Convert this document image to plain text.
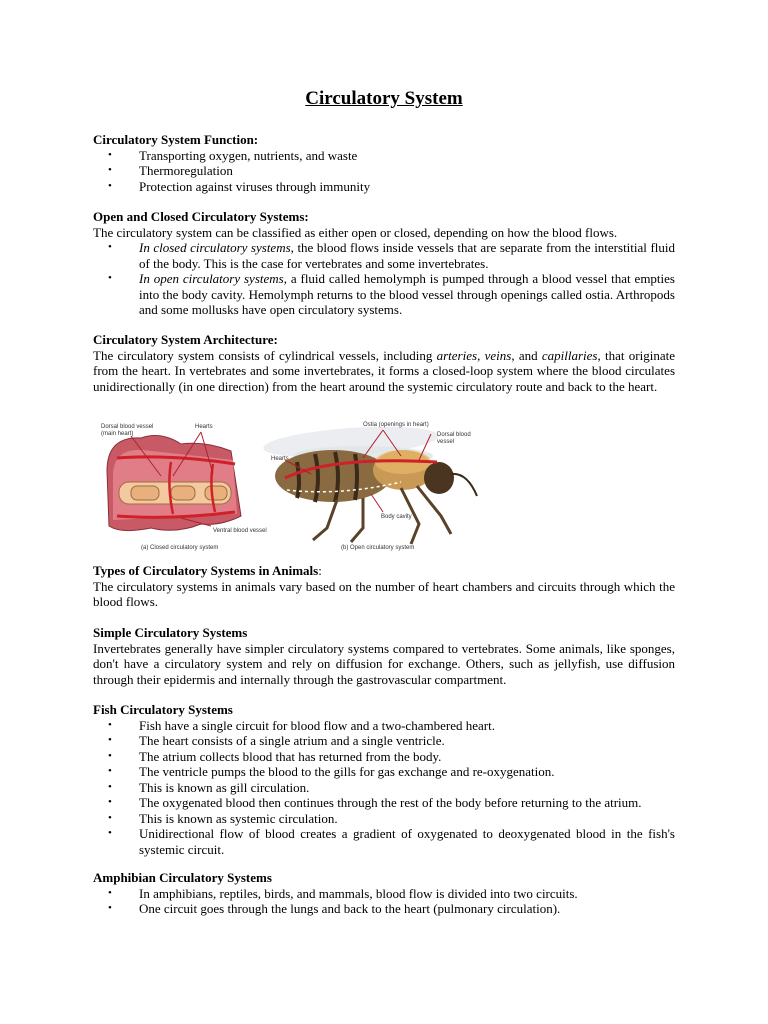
Circulatory System

Circulatory System Function:

• Transporting oxygen, nutrients, and waste
• Thermoregulation
• Protection against viruses through immunity

Open and Closed Circulatory Systems:

The circulatory system can be classified as either open or closed, depending on how the blood flows.

• In closed circulatory systems, the blood flows inside vessels that are separate from the interstitial fluid of the body. This is the case for vertebrates and some invertebrates.
• In open circulatory systems, a fluid called hemolymph is pumped through a blood vessel that empties into the body cavity. Hemolymph returns to the blood vessel through openings called ostia. Arthropods and some mollusks have open circulatory systems.

Circulatory System Architecture:

The circulatory system consists of cylindrical vessels, including arteries, veins, and capillaries, that originate from the heart. In vertebrates and some invertebrates, it forms a closed-loop system where the blood circulates unidirectionally (in one direction) from the heart around the systemic circulatory route and back to the heart.

Dorsal blood vessel
(main heart)
Hearts
Ventral blood vessel
(a) Closed circulatory system
Ostia (openings in heart)
Dorsal blood
vessel
Hearts
Body cavity
(b) Open circulatory system

Types of Circulatory Systems in Animals:

The circulatory systems in animals vary based on the number of heart chambers and circuits through which the blood flows.

Simple Circulatory Systems

Invertebrates generally have simpler circulatory systems compared to vertebrates. Some animals, like sponges, don't have a circulatory system and rely on diffusion for exchange. Others, such as jellyfish, use diffusion through their epidermis and internally through the gastrovascular compartment.

Fish Circulatory Systems

• Fish have a single circuit for blood flow and a two-chambered heart.
• The heart consists of a single atrium and a single ventricle.
• The atrium collects blood that has returned from the body.
• The ventricle pumps the blood to the gills for gas exchange and re-oxygenation.
• This is known as gill circulation.
• The oxygenated blood then continues through the rest of the body before returning to the atrium.
• This is known as systemic circulation.
• Unidirectional flow of blood creates a gradient of oxygenated to deoxygenated blood in the fish's systemic circuit.

Amphibian Circulatory Systems

• In amphibians, reptiles, birds, and mammals, blood flow is divided into two circuits.
• One circuit goes through the lungs and back to the heart (pulmonary circulation).
